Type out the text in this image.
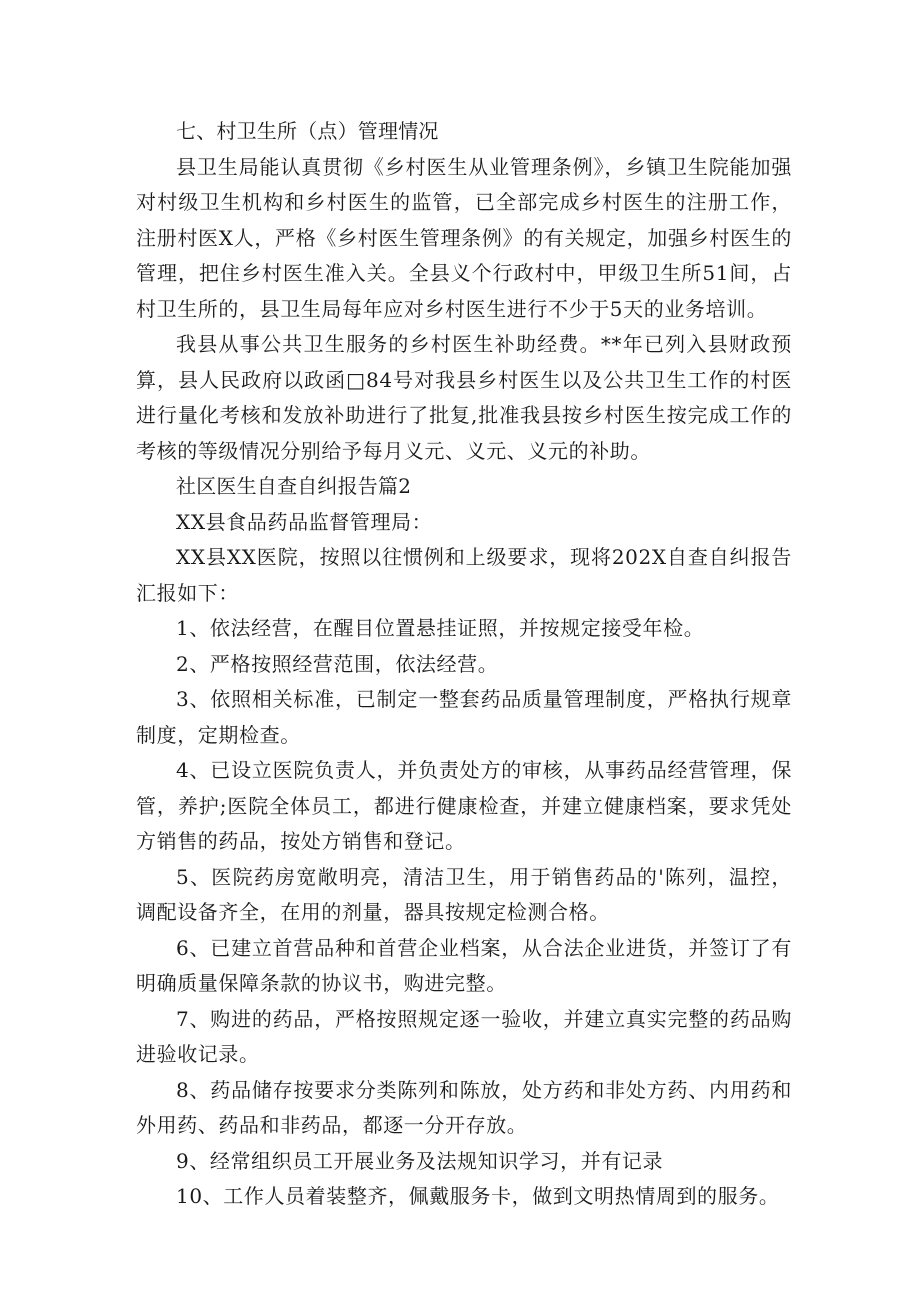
七、村卫生所（点）管理情况

县卫生局能认真贯彻《乡村医生从业管理条例》，乡镇卫生院能加强对村级卫生机构和乡村医生的监管，已全部完成乡村医生的注册工作，注册村医X人，严格《乡村医生管理条例》的有关规定，加强乡村医生的管理，把住乡村医生准入关。全县义个行政村中，甲级卫生所51间，占村卫生所的，县卫生局每年应对乡村医生进行不少于5天的业务培训。

我县从事公共卫生服务的乡村医生补助经费。**年已列入县财政预算，县人民政府以政函□84号对我县乡村医生以及公共卫生工作的村医进行量化考核和发放补助进行了批复,批准我县按乡村医生按完成工作的考核的等级情况分别给予每月义元、义元、义元的补助。

社区医生自查自纠报告篇2

XX县食品药品监督管理局：

XX县XX医院，按照以往惯例和上级要求，现将202X自查自纠报告汇报如下：

1、依法经营，在醒目位置悬挂证照，并按规定接受年检。

2、严格按照经营范围，依法经营。

3、依照相关标准，已制定一整套药品质量管理制度，严格执行规章制度，定期检查。

4、已设立医院负责人，并负责处方的审核，从事药品经营管理，保管，养护;医院全体员工，都进行健康检查，并建立健康档案，要求凭处方销售的药品，按处方销售和登记。

5、医院药房宽敞明亮，清洁卫生，用于销售药品的'陈列，温控，调配设备齐全，在用的剂量，器具按规定检测合格。

6、已建立首营品种和首营企业档案，从合法企业进货，并签订了有明确质量保障条款的协议书，购进完整。

7、购进的药品，严格按照规定逐一验收，并建立真实完整的药品购进验收记录。

8、药品储存按要求分类陈列和陈放，处方药和非处方药、内用药和外用药、药品和非药品，都逐一分开存放。

9、经常组织员工开展业务及法规知识学习，并有记录

10、工作人员着装整齐，佩戴服务卡，做到文明热情周到的服务。
